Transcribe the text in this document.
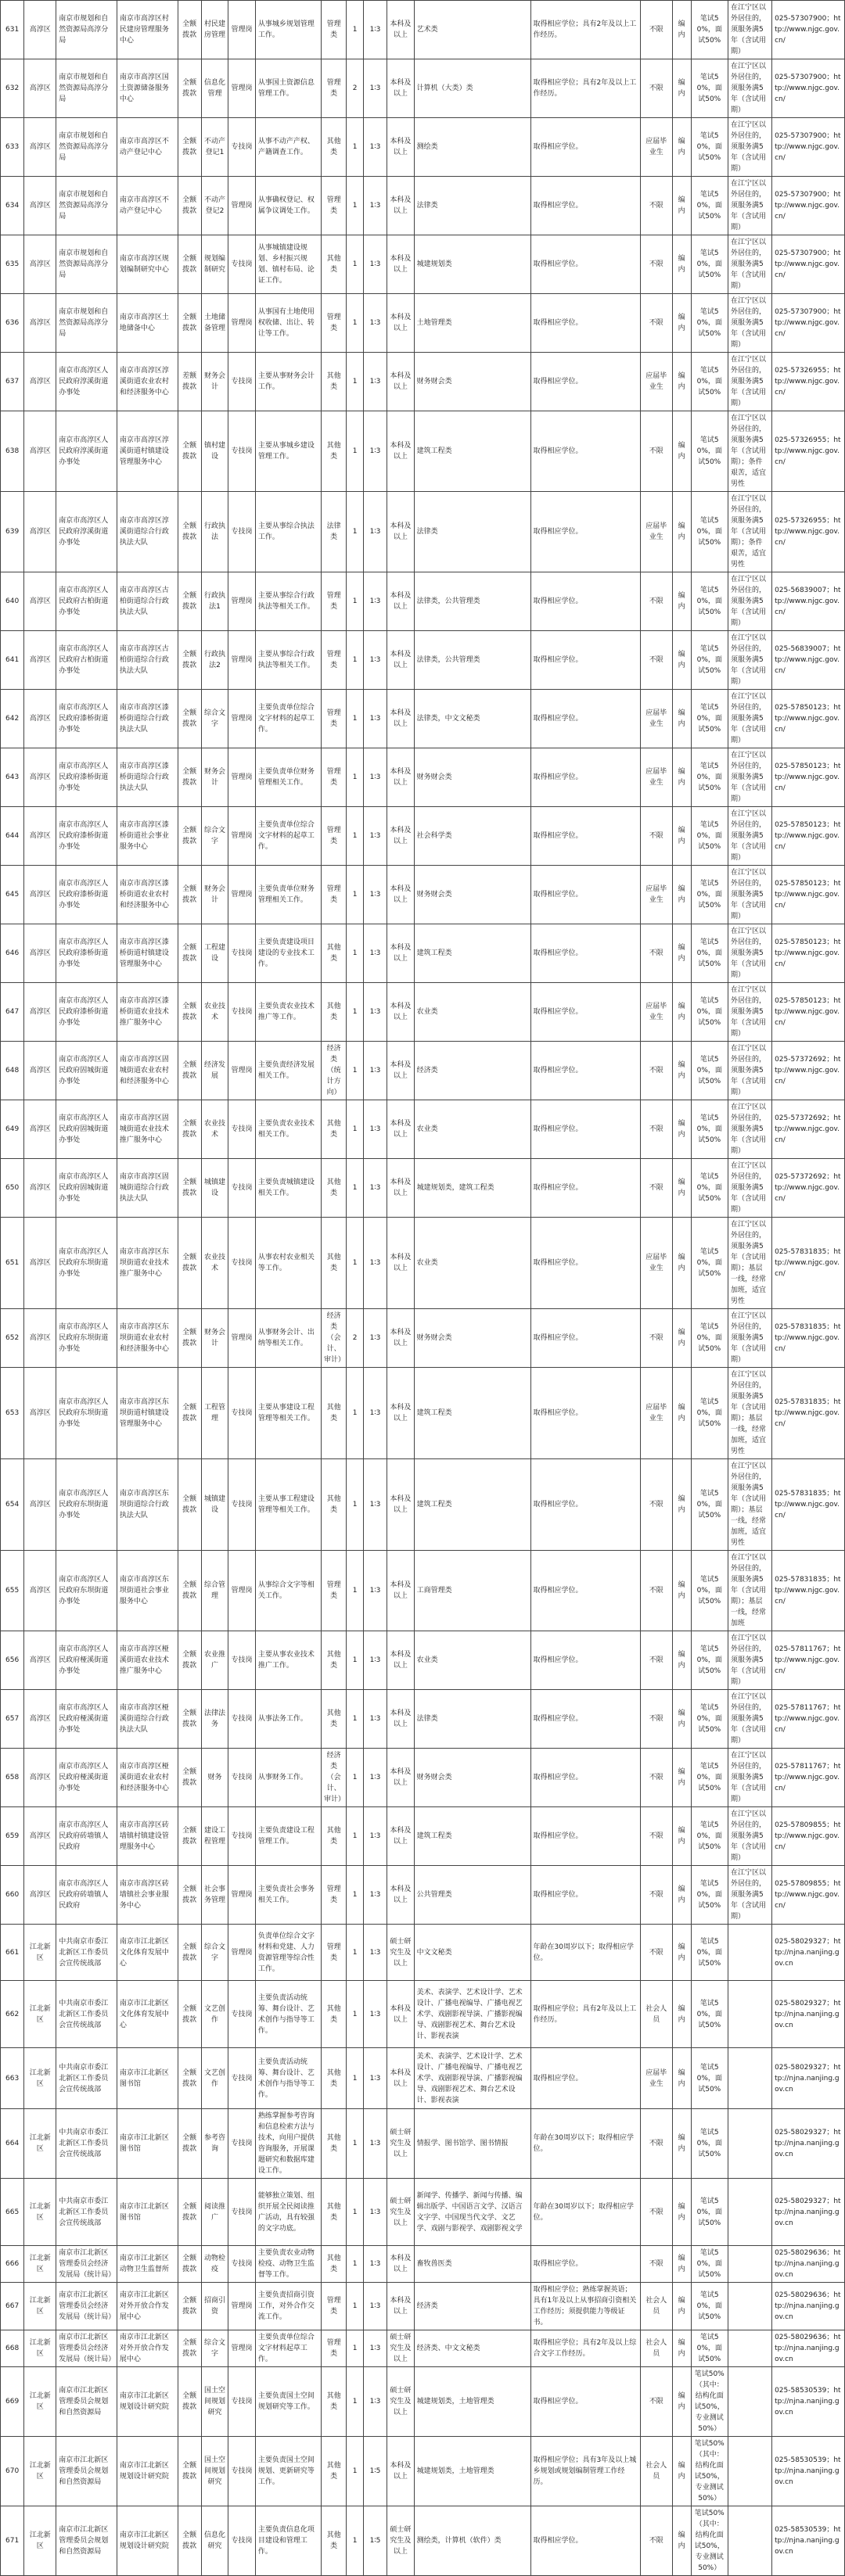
631	高淳区	南京市规划和自然资源局高淳分局	南京市高淳区村民建房管理服务中心	全额拨款	村民建房管理	管理岗	从事城乡规划管理工作。	管理类	1	1∶3	本科及以上	艺术类	取得相应学位；具有2年及以上工作经历。	不限	编内	笔试50%，面试50%	在江宁区以外居住的，须服务满5年（含试用期）	025-57307900；http://www.njgc.gov.cn/
632	高淳区	南京市规划和自然资源局高淳分局	南京市高淳区国土资源储备服务中心	全额拨款	信息化管理	管理岗	从事国土资源信息管理工作。	管理类	2	1∶3	本科及以上	计算机（大类）类	取得相应学位；具有2年及以上工作经历。	不限	编内	笔试50%，面试50%	在江宁区以外居住的，须服务满5年（含试用期）	025-57307900；http://www.njgc.gov.cn/
633	高淳区	南京市规划和自然资源局高淳分局	南京市高淳区不动产登记中心	全额拨款	不动产登记1	专技岗	从事不动产产权、产籍调查工作。	其他类	1	1∶3	本科及以上	测绘类	取得相应学位。	应届毕业生	编内	笔试50%，面试50%	在江宁区以外居住的，须服务满5年（含试用期）	025-57307900；http://www.njgc.gov.cn/
634	高淳区	南京市规划和自然资源局高淳分局	南京市高淳区不动产登记中心	全额拨款	不动产登记2	管理岗	从事确权登记、权属争议调处工作。	管理类	1	1∶3	本科及以上	法律类	取得相应学位。	不限	编内	笔试50%，面试50%	在江宁区以外居住的，须服务满5年（含试用期）	025-57307900；http://www.njgc.gov.cn/
635	高淳区	南京市规划和自然资源局高淳分局	南京市高淳区规划编制研究中心	全额拨款	规划编制研究	专技岗	从事城镇建设规划、乡村振兴规划、镇村布局、论证工作。	其他类	1	1∶3	本科及以上	城建规划类	取得相应学位。	不限	编内	笔试50%，面试50%	在江宁区以外居住的，须服务满5年（含试用期）	025-57307900；http://www.njgc.gov.cn/
636	高淳区	南京市规划和自然资源局高淳分局	南京市高淳区土地储备中心	全额拨款	土地储备管理	管理岗	从事国有土地使用权收储、出让、转让等工作。	管理类	1	1∶3	本科及以上	土地管理类	取得相应学位。	不限	编内	笔试50%，面试50%	在江宁区以外居住的，须服务满5年（含试用期）	025-57307900；http://www.njgc.gov.cn/
637	高淳区	南京市高淳区人民政府淳溪街道办事处	南京市高淳区淳溪街道农业农村和经济服务中心	差额拨款	财务会计	专技岗	主要从事财务会计工作。	其他类	1	1∶3	本科及以上	财务财会类	取得相应学位。	应届毕业生	编内	笔试50%，面试50%	在江宁区以外居住的，须服务满5年（含试用期）	025-57326955；http://www.njgc.gov.cn/
638	高淳区	南京市高淳区人民政府淳溪街道办事处	南京市高淳区淳溪街道村镇建设管理服务中心	全额拨款	镇村建设	专技岗	主要从事城乡建设管理工作。	其他类	1	1∶3	本科及以上	建筑工程类	取得相应学位。	不限	编内	笔试50%，面试50%	在江宁区以外居住的，须服务满5年（含试用期）；条件艰苦，适宜男性	025-57326955；http://www.njgc.gov.cn/
639	高淳区	南京市高淳区人民政府淳溪街道办事处	南京市高淳区淳溪街道综合行政执法大队	全额拨款	行政执法	专技岗	主要从事综合执法工作。	法律类	1	1∶3	本科及以上	法律类	取得相应学位。	应届毕业生	编内	笔试50%，面试50%	在江宁区以外居住的，须服务满5年（含试用期）；条件艰苦，适宜男性	025-57326955；http://www.njgc.gov.cn/
640	高淳区	南京市高淳区人民政府古柏街道办事处	南京市高淳区古柏街道综合行政执法大队	全额拨款	行政执法1	管理岗	主要从事综合行政执法等相关工作。	管理类	1	1∶3	本科及以上	法律类，公共管理类	取得相应学位。	不限	编内	笔试50%，面试50%	在江宁区以外居住的，须服务满5年（含试用期）	025-56839007；http://www.njgc.gov.cn/
641	高淳区	南京市高淳区人民政府古柏街道办事处	南京市高淳区古柏街道综合行政执法大队	全额拨款	行政执法2	管理岗	主要从事综合行政执法等相关工作。	管理类	1	1∶3	本科及以上	法律类，公共管理类	取得相应学位。	不限	编内	笔试50%，面试50%	在江宁区以外居住的，须服务满5年（含试用期）	025-56839007；http://www.njgc.gov.cn/
642	高淳区	南京市高淳区人民政府漆桥街道办事处	南京市高淳区漆桥街道综合行政执法大队	全额拨款	综合文字	管理岗	主要负责单位综合文字材料的起草工作。	管理类	1	1∶3	本科及以上	法律类，中文文秘类	取得相应学位。	应届毕业生	编内	笔试50%，面试50%	在江宁区以外居住的，须服务满5年（含试用期）	025-57850123；http://www.njgc.gov.cn/
643	高淳区	南京市高淳区人民政府漆桥街道办事处	南京市高淳区漆桥街道综合行政执法大队	全额拨款	财务会计	管理岗	主要负责单位财务管理相关工作。	管理类	1	1∶3	本科及以上	财务财会类	取得相应学位。	应届毕业生	编内	笔试50%，面试50%	在江宁区以外居住的，须服务满5年（含试用期）	025-57850123；http://www.njgc.gov.cn/
644	高淳区	南京市高淳区人民政府漆桥街道办事处	南京市高淳区漆桥街道社会事业服务中心	全额拨款	综合文字	管理岗	主要负责单位综合文字材料的起草工作。	管理类	1	1∶3	本科及以上	社会科学类	取得相应学位。	不限	编内	笔试50%，面试50%	在江宁区以外居住的，须服务满5年（含试用期）	025-57850123；http://www.njgc.gov.cn/
645	高淳区	南京市高淳区人民政府漆桥街道办事处	南京市高淳区漆桥街道农业农村和经济服务中心	全额拨款	财务会计	管理岗	主要负责单位财务管理相关工作。	管理类	1	1∶3	本科及以上	财务财会类	取得相应学位。	应届毕业生	编内	笔试50%，面试50%	在江宁区以外居住的，须服务满5年（含试用期）	025-57850123；http://www.njgc.gov.cn/
646	高淳区	南京市高淳区人民政府漆桥街道办事处	南京市高淳区漆桥街道村镇建设管理服务中心	全额拨款	工程建设	专技岗	主要负责建设项目建设的专业技术工作。	其他类	1	1∶3	本科及以上	建筑工程类	取得相应学位。	不限	编内	笔试50%，面试50%	在江宁区以外居住的，须服务满5年（含试用期）	025-57850123；http://www.njgc.gov.cn/
647	高淳区	南京市高淳区人民政府漆桥街道办事处	南京市高淳区漆桥街道农业技术推广服务中心	全额拨款	农业技术	专技岗	主要负责农业技术推广等工作。	其他类	1	1∶3	本科及以上	农业类	取得相应学位。	应届毕业生	编内	笔试50%，面试50%	在江宁区以外居住的，须服务满5年（含试用期）	025-57850123；http://www.njgc.gov.cn/
648	高淳区	南京市高淳区人民政府固城街道办事处	南京市高淳区固城街道农业农村和经济服务中心	全额拨款	经济发展	管理岗	主要负责经济发展相关工作。	经济类（统计方向）	1	1∶3	本科及以上	经济类	取得相应学位。	不限	编内	笔试50%，面试50%	在江宁区以外居住的，须服务满5年（含试用期）	025-57372692；http://www.njgc.gov.cn/
649	高淳区	南京市高淳区人民政府固城街道办事处	南京市高淳区固城街道农业技术推广服务中心	全额拨款	农业技术	专技岗	主要负责农业技术相关工作。	其他类	1	1∶3	本科及以上	农业类	取得相应学位。	不限	编内	笔试50%，面试50%	在江宁区以外居住的，须服务满5年（含试用期）	025-57372692；http://www.njgc.gov.cn/
650	高淳区	南京市高淳区人民政府固城街道办事处	南京市高淳区固城街道综合行政执法大队	全额拨款	城镇建设	专技岗	主要负责城镇建设相关工作。	其他类	1	1∶3	本科及以上	城建规划类，建筑工程类	取得相应学位。	不限	编内	笔试50%，面试50%	在江宁区以外居住的，须服务满5年（含试用期）	025-57372692；http://www.njgc.gov.cn/
651	高淳区	南京市高淳区人民政府东坝街道办事处	南京市高淳区东坝街道农业技术推广服务中心	全额拨款	农业技术	专技岗	从事农村农业相关等工作。	其他类	1	1∶3	本科及以上	农业类	取得相应学位。	应届毕业生	编内	笔试50%，面试50%	在江宁区以外居住的，须服务满5年（含试用期）；基层一线，经常加班，适宜男性	025-57831835；http://www.njgc.gov.cn/
652	高淳区	南京市高淳区人民政府东坝街道办事处	南京市高淳区东坝街道农业农村和经济服务中心	全额拨款	财务会计	管理岗	从事财务会计、出纳等相关工作。	经济类（会计、审计）	2	1∶3	本科及以上	财务财会类	取得相应学位。	不限	编内	笔试50%，面试50%	在江宁区以外居住的，须服务满5年（含试用期）	025-57831835；http://www.njgc.gov.cn/
653	高淳区	南京市高淳区人民政府东坝街道办事处	南京市高淳区东坝街道村镇建设管理服务中心	全额拨款	工程管理	专技岗	主要从事建设工程管理等相关工作。	其他类	1	1∶3	本科及以上	建筑工程类	取得相应学位。	应届毕业生	编内	笔试50%，面试50%	在江宁区以外居住的，须服务满5年（含试用期）；基层一线，经常加班，适宜男性	025-57831835；http://www.njgc.gov.cn/
654	高淳区	南京市高淳区人民政府东坝街道办事处	南京市高淳区东坝街道综合行政执法大队	全额拨款	城镇建设	专技岗	主要从事工程建设管理等相关工作。	其他类	1	1∶3	本科及以上	建筑工程类	取得相应学位。	不限	编内	笔试50%，面试50%	在江宁区以外居住的，须服务满5年（含试用期）；基层一线，经常加班，适宜男性	025-57831835；http://www.njgc.gov.cn/
655	高淳区	南京市高淳区人民政府东坝街道办事处	南京市高淳区东坝街道社会事业服务中心	全额拨款	综合管理	管理岗	从事综合文字等相关工作。	管理类	1	1∶3	本科及以上	工商管理类	取得相应学位。	不限	编内	笔试50%，面试50%	在江宁区以外居住的，须服务满5年（含试用期）；基层一线，经常加班	025-57831835；http://www.njgc.gov.cn/
656	高淳区	南京市高淳区人民政府桠溪街道办事处	南京市高淳区桠溪街道农业技术推广服务中心	全额拨款	农业推广	专技岗	主要从事农业技术推广工作。	其他类	1	1∶3	本科及以上	农业类	取得相应学位。	不限	编内	笔试50%，面试50%	在江宁区以外居住的，须服务满5年（含试用期）	025-57811767；http://www.njgc.gov.cn/
657	高淳区	南京市高淳区人民政府桠溪街道办事处	南京市高淳区桠溪街道综合行政执法大队	全额拨款	法律法务	专技岗	从事法务工作。	其他类	1	1∶3	本科及以上	法律类	取得相应学位。	不限	编内	笔试50%，面试50%	在江宁区以外居住的，须服务满5年（含试用期）	025-57811767；http://www.njgc.gov.cn/
658	高淳区	南京市高淳区人民政府桠溪街道办事处	南京市高淳区桠溪街道农业农村和经济服务中心	全额拨款	财务	专技岗	从事财务工作。	经济类（会计、审计）	1	1∶3	本科及以上	财务财会类	取得相应学位。	不限	编内	笔试50%，面试50%	在江宁区以外居住的，须服务满5年（含试用期）	025-57811767；http://www.njgc.gov.cn/
659	高淳区	南京市高淳区人民政府砖墙镇人民政府	南京市高淳区砖墙镇村镇建设管理服务中心	全额拨款	建设工程管理	专技岗	主要负责建设工程管理工作。	其他类	1	1∶3	本科及以上	建筑工程类	取得相应学位。	不限	编内	笔试50%，面试50%	在江宁区以外居住的，须服务满5年（含试用期）	025-57809855；http://www.njgc.gov.cn/
660	高淳区	南京市高淳区人民政府砖墙镇人民政府	南京市高淳区砖墙镇社会事业服务中心	全额拨款	社会事务管理	管理岗	主要负责社会事务相关工作。	管理类	1	1∶3	本科及以上	公共管理类	取得相应学位。	不限	编内	笔试50%，面试50%	在江宁区以外居住的，须服务满5年（含试用期）	025-57809855；http://www.njgc.gov.cn/
661	江北新区	中共南京市委江北新区工作委员会宣传统战部	南京市江北新区文化体育发展中心	全额拨款	综合文字	管理岗	负责单位综合文字材料和党建、人力资源管理等综合性工作。	管理类	1	1∶3	硕士研究生及以上	中文文秘类	年龄在30周岁以下；取得相应学位。	不限	编内	笔试50%，面试50%		025-58029327；http://njna.nanjing.gov.cn
662	江北新区	中共南京市委江北新区工作委员会宣传统战部	南京市江北新区文化体育发展中心	全额拨款	文艺创作	专技岗	主要负责活动统筹、舞台设计、艺术创作与指导等工作。	其他类	1	1∶3	本科及以上	美术、表演学、艺术设计学、艺术设计、广播电视编导、广播电视艺术学、戏剧影视导演、广播影视编导、戏剧影视艺术、舞台艺术设计、影视表演	取得相应学位；具有2年及以上工作经历。	社会人员	编内	笔试50%，面试50%		025-58029327；http://njna.nanjing.gov.cn
663	江北新区	中共南京市委江北新区工作委员会宣传统战部	南京市江北新区图书馆	全额拨款	文艺创作	专技岗	主要负责活动统筹、舞台设计、艺术创作与指导等工作。	其他类	1	1∶3	本科及以上	美术、表演学、艺术设计学、艺术设计、广播电视编导、广播电视艺术学、戏剧影视导演、广播影视编导、戏剧影视艺术、舞台艺术设计、影视表演	取得相应学位。	应届毕业生	编内	笔试50%，面试50%		025-58029327；http://njna.nanjing.gov.cn
664	江北新区	中共南京市委江北新区工作委员会宣传统战部	南京市江北新区图书馆	全额拨款	参考咨询	专技岗	熟练掌握参考咨询和信息检索方法与技术，向用户提供咨询服务，开展课题研究和数据库建设工作。	其他类	1	1∶3	硕士研究生及以上	情报学、图书馆学、图书情报	年龄在30周岁以下；取得相应学位。	不限	编内	笔试50%，面试50%		025-58029327；http://njna.nanjing.gov.cn
665	江北新区	中共南京市委江北新区工作委员会宣传统战部	南京市江北新区图书馆	全额拨款	阅读推广	专技岗	能够独立策划、组织开展全民阅读推广活动，具有较强的文字功底。	其他类	1	1∶3	硕士研究生及以上	新闻学、传播学、新闻与传播、编辑出版学、中国语言文学、汉语言文字学、中国现当代文学、文艺学、戏剧与影视学、戏剧影视文学	年龄在30周岁以下；取得相应学位。	不限	编内	笔试50%，面试50%		025-58029327；http://njna.nanjing.gov.cn
666	江北新区	南京市江北新区管理委员会经济发展局（统计局）	南京市江北新区动物卫生监督所	全额拨款	动物检疫	专技岗	主要负责农业动物检疫、动物卫生监督等工作。	其他类	1	1∶3	本科及以上	畜牧兽医类	取得相应学位。	不限	编内	笔试50%，面试50%		025-58029636；http://njna.nanjing.gov.cn
667	江北新区	南京市江北新区管理委员会经济发展局（统计局）	南京市江北新区对外开放合作发展中心	全额拨款	招商引资	管理岗	主要负责招商引资工作，对外合作交流工作。	管理类	1	1∶3	本科及以上	经济类	取得相应学位；熟练掌握英语；具有1年及以上从事招商引资相关工作经历；须提供能力等级证书。	社会人员	编内	笔试50%，面试50%		025-58029636；http://njna.nanjing.gov.cn
668	江北新区	南京市江北新区管理委员会经济发展局（统计局）	南京市江北新区对外开放合作发展中心	全额拨款	综合文字	管理岗	主要负责单位综合文字材料起草工作。	管理类	1	1∶3	硕士研究生及以上	经济类、中文文秘类	取得相应学位；具有2年及以上综合文字工作经历。	社会人员	编内	笔试50%，面试50%		025-58029636；http://njna.nanjing.gov.cn
669	江北新区	南京市江北新区管理委员会规划和自然资源局	南京市江北新区规划设计研究院	全额拨款	国土空间规划研究	专技岗	主要负责国土空间规划研究等工作。	其他类	1	1∶3	硕士研究生及以上	城建规划类，土地管理类	取得相应学位。	不限	编内	笔试50%（其中：结构化面试50%，专业测试50%）		025-58530539；http://njna.nanjing.gov.cn
670	江北新区	南京市江北新区管理委员会规划和自然资源局	南京市江北新区规划设计研究院	全额拨款	国土空间规划研究	专技岗	主要负责国土空间规划、更新研究等工作。	其他类	1	1∶5	本科及以上	城建规划类，土地管理类	取得相应学位；具有3年及以上城乡规划或规划编制管理工作经历。	社会人员	编内	笔试50%（其中：结构化面试50%，专业测试50%）		025-58530539；http://njna.nanjing.gov.cn
671	江北新区	南京市江北新区管理委员会规划和自然资源局	南京市江北新区规划设计研究院	全额拨款	信息化研究	专技岗	主要负责信息化项目建设和管理工作。	其他类	1	1∶5	硕士研究生及以上	测绘类，计算机（软件）类	取得相应学位。	不限	编内	笔试50%（其中：结构化面试50%，专业测试50%）		025-58530539；http://njna.nanjing.gov.cn
